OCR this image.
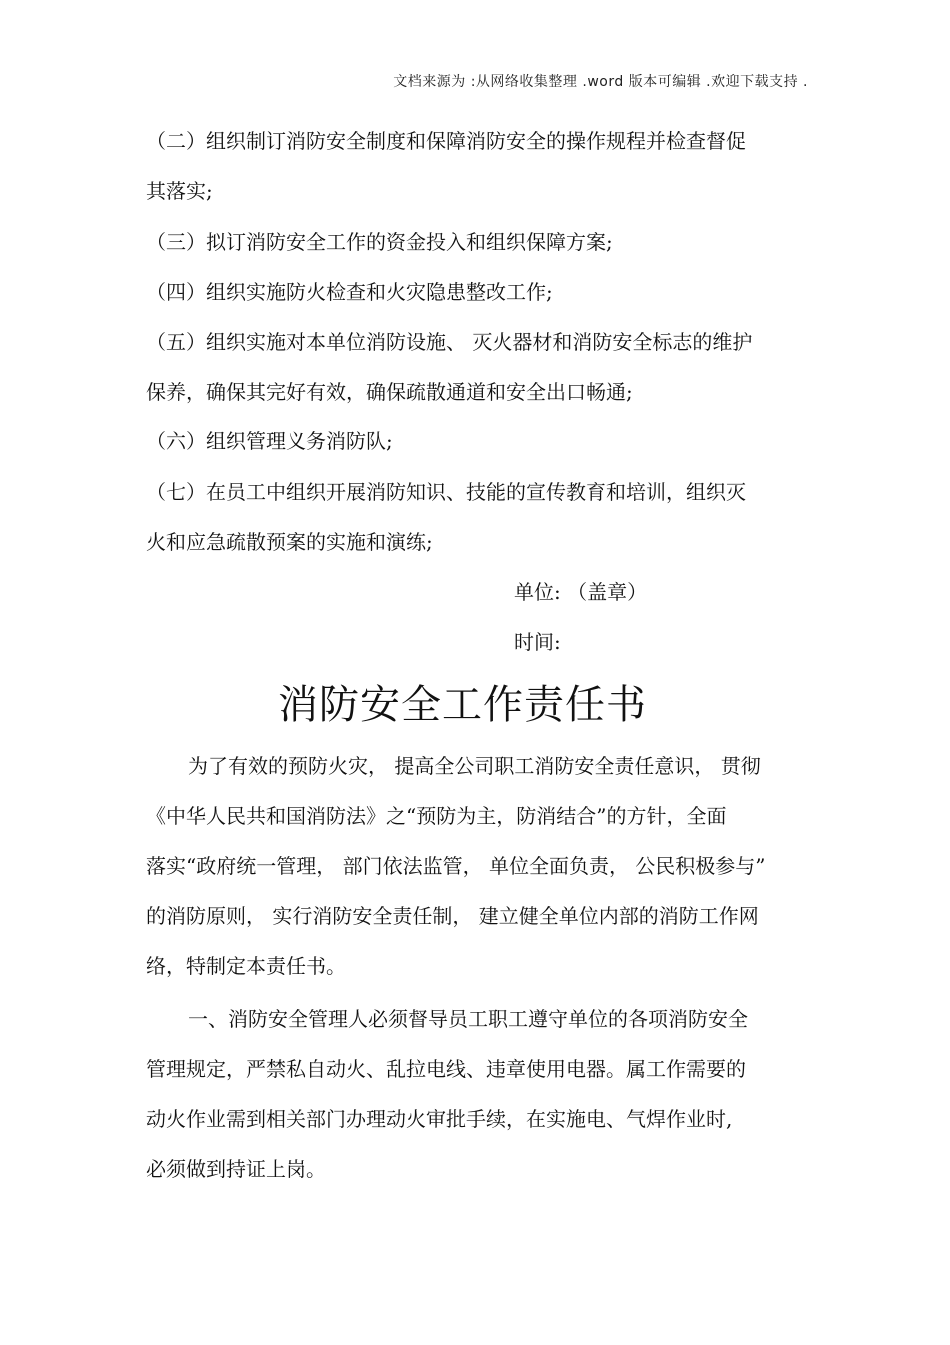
文档来源为 :从网络收集整理 .word 版本可编辑 .欢迎下载支持 .
（二）组织制订消防安全制度和保障消防安全的操作规程并检查督促
其落实;
（三）拟订消防安全工作的资金投入和组织保障方案;
（四）组织实施防火检查和火灾隐患整改工作;
（五）组织实施对本单位消防设施、 灭火器材和消防安全标志的维护
保养，确保其完好有效，确保疏散通道和安全出口畅通;
（六）组织管理义务消防队;
（七）在员工中组织开展消防知识、技能的宣传教育和培训，组织灭
火和应急疏散预案的实施和演练;
单位: （盖章）
时间:
消防安全工作责任书
为了有效的预防火灾， 提高全公司职工消防安全责任意识， 贯彻
《中华人民共和国消防法》之“预防为主，防消结合”的方针，全面
落实“政府统一管理， 部门依法监管， 单位全面负责， 公民积极参与”
的消防原则， 实行消防安全责任制， 建立健全单位内部的消防工作网
络，特制定本责任书。
一、消防安全管理人必须督导员工职工遵守单位的各项消防安全
管理规定，严禁私自动火、乱拉电线、违章使用电器。属工作需要的
动火作业需到相关部门办理动火审批手续，在实施电、气焊作业时,
必须做到持证上岗。
